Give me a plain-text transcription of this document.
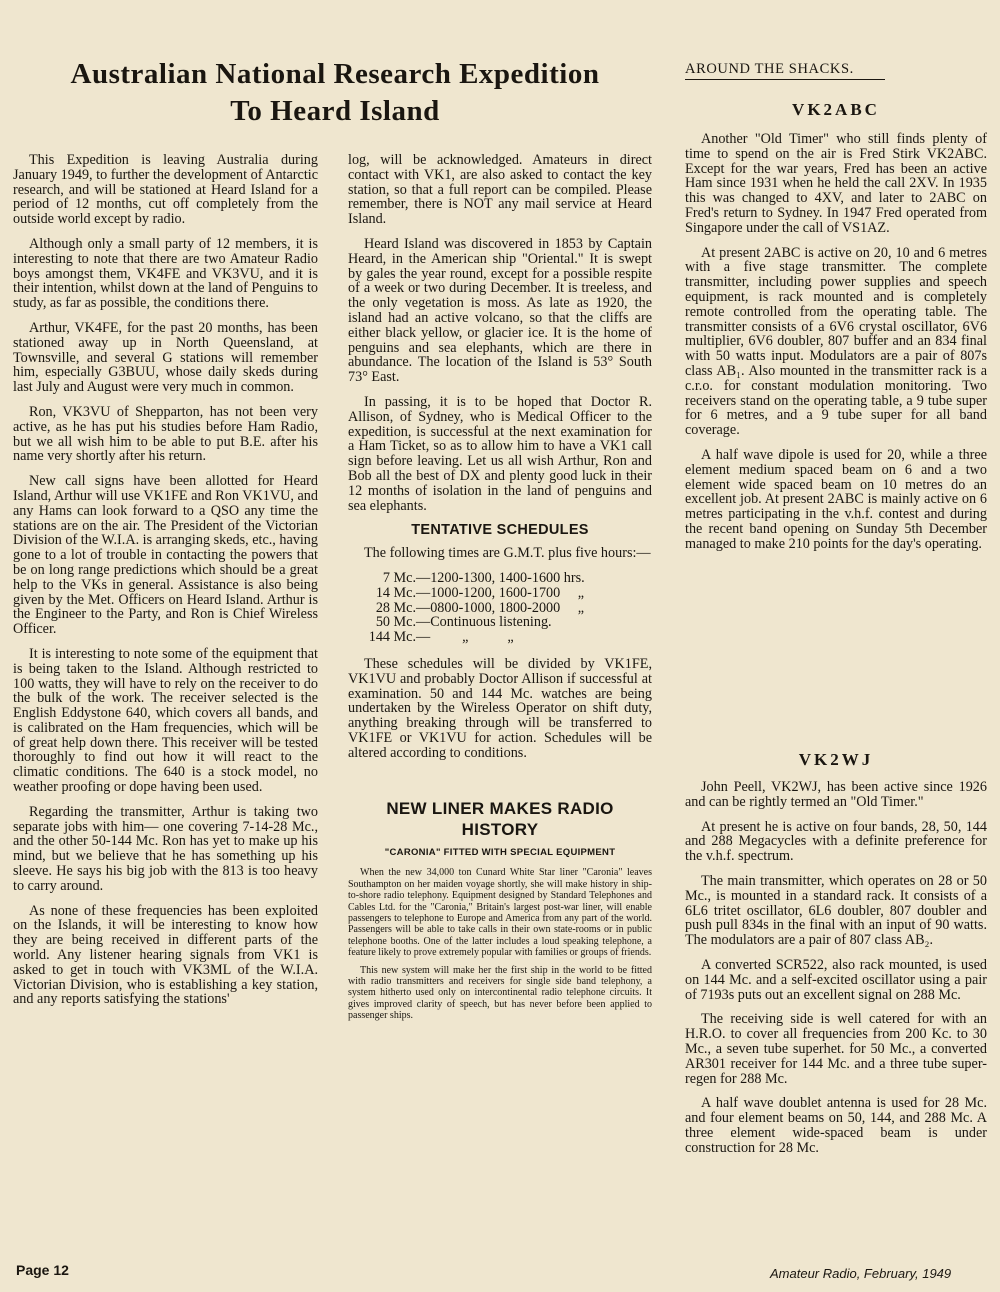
Australian National Research Expedition
To Heard Island

This Expedition is leaving Australia during January 1949, to further the development of Antarctic research, and will be stationed at Heard Island for a period of 12 months, cut off completely from the outside world except by radio.

Although only a small party of 12 members, it is interesting to note that there are two Amateur Radio boys amongst them, VK4FE and VK3VU, and it is their intention, whilst down at the land of Penguins to study, as far as possible, the conditions there.

Arthur, VK4FE, for the past 20 months, has been stationed away up in North Queensland, at Townsville, and several G stations will remember him, especially G3BUU, whose daily skeds during last July and August were very much in common.

Ron, VK3VU of Shepparton, has not been very active, as he has put his studies before Ham Radio, but we all wish him to be able to put B.E. after his name very shortly after his return.

New call signs have been allotted for Heard Island, Arthur will use VK1FE and Ron VK1VU, and any Hams can look forward to a QSO any time the stations are on the air. The President of the Victorian Division of the W.I.A. is arranging skeds, etc., having gone to a lot of trouble in contacting the powers that be on long range predictions which should be a great help to the VKs in general. Assistance is also being given by the Met. Officers on Heard Island. Arthur is the Engineer to the Party, and Ron is Chief Wireless Officer.

It is interesting to note some of the equipment that is being taken to the Island. Although restricted to 100 watts, they will have to rely on the receiver to do the bulk of the work. The receiver selected is the English Eddystone 640, which covers all bands, and is calibrated on the Ham frequencies, which will be of great help down there. This receiver will be tested thoroughly to find out how it will react to the climatic conditions. The 640 is a stock model, no weather proofing or dope having been used.

Regarding the transmitter, Arthur is taking two separate jobs with him— one covering 7-14-28 Mc., and the other 50-144 Mc. Ron has yet to make up his mind, but we believe that he has something up his sleeve. He says his big job with the 813 is too heavy to carry around.

As none of these frequencies has been exploited on the Islands, it will be interesting to know how they are being received in different parts of the world. Any listener hearing signals from VK1 is asked to get in touch with VK3ML of the W.I.A. Victorian Division, who is establishing a key station, and any reports satisfying the stations'

log, will be acknowledged. Amateurs in direct contact with VK1, are also asked to contact the key station, so that a full report can be compiled. Please remember, there is NOT any mail service at Heard Island.

Heard Island was discovered in 1853 by Captain Heard, in the American ship "Oriental." It is swept by gales the year round, except for a possible respite of a week or two during December. It is treeless, and the only vegetation is moss. As late as 1920, the island had an active volcano, so that the cliffs are either black yellow, or glacier ice. It is the home of penguins and sea elephants, which are there in abundance. The location of the Island is 53° South 73° East.

In passing, it is to be hoped that Doctor R. Allison, of Sydney, who is Medical Officer to the expedition, is successful at the next examination for a Ham Ticket, so as to allow him to have a VK1 call sign before leaving. Let us all wish Arthur, Ron and Bob all the best of DX and plenty good luck in their 12 months of isolation in the land of penguins and sea elephants.

TENTATIVE SCHEDULES

The following times are G.M.T. plus five hours:—

7 Mc.—1200-1300, 1400-1600 hrs.
14 Mc.—1000-1200, 1600-1700 „
28 Mc.—0800-1000, 1800-2000 „
50 Mc.—Continuous listening.
144 Mc.—         „           „

These schedules will be divided by VK1FE, VK1VU and probably Doctor Allison if successful at examination. 50 and 144 Mc. watches are being undertaken by the Wireless Operator on shift duty, anything breaking through will be transferred to VK1FE or VK1VU for action. Schedules will be altered according to conditions.

NEW LINER MAKES RADIO
HISTORY
"CARONIA" FITTED WITH SPECIAL EQUIPMENT

When the new 34,000 ton Cunard White Star liner "Caronia" leaves Southampton on her maiden voyage shortly, she will make history in ship-to-shore radio telephony. Equipment designed by Standard Telephones and Cables Ltd. for the "Caronia," Britain's largest post-war liner, will enable passengers to telephone to Europe and America from any part of the world. Passengers will be able to take calls in their own state-rooms or in public telephone booths. One of the latter includes a loud speaking telephone, a feature likely to prove extremely popular with families or groups of friends.

This new system will make her the first ship in the world to be fitted with radio transmitters and receivers for single side band telephony, a system hitherto used only on intercontinental radio telephone circuits. It gives improved clarity of speech, but has never before been applied to passenger ships.

AROUND THE SHACKS.
VK2ABC

Another "Old Timer" who still finds plenty of time to spend on the air is Fred Stirk VK2ABC. Except for the war years, Fred has been an active Ham since 1931 when he held the call 2XV. In 1935 this was changed to 4XV, and later to 2ABC on Fred's return to Sydney. In 1947 Fred operated from Singapore under the call of VS1AZ.

At present 2ABC is active on 20, 10 and 6 metres with a five stage transmitter. The complete transmitter, including power supplies and speech equipment, is rack mounted and is completely remote controlled from the operating table. The transmitter consists of a 6V6 crystal oscillator, 6V6 multiplier, 6V6 doubler, 807 buffer and an 834 final with 50 watts input. Modulators are a pair of 807s class AB₁. Also mounted in the transmitter rack is a c.r.o. for constant modulation monitoring. Two receivers stand on the operating table, a 9 tube super for 6 metres, and a 9 tube super for all band coverage.

A half wave dipole is used for 20, while a three element medium spaced beam on 6 and a two element wide spaced beam on 10 metres do an excellent job. At present 2ABC is mainly active on 6 metres participating in the v.h.f. contest and during the recent band opening on Sunday 5th December managed to make 210 points for the day's operating.

VK2WJ

John Peell, VK2WJ, has been active since 1926 and can be rightly termed an "Old Timer."

At present he is active on four bands, 28, 50, 144 and 288 Megacycles with a definite preference for the v.h.f. spectrum.

The main transmitter, which operates on 28 or 50 Mc., is mounted in a standard rack. It consists of a 6L6 tritet oscillator, 6L6 doubler, 807 doubler and push pull 834s in the final with an input of 90 watts. The modulators are a pair of 807 class AB₂.

A converted SCR522, also rack mounted, is used on 144 Mc. and a self-excited oscillator using a pair of 7193s puts out an excellent signal on 288 Mc.

The receiving side is well catered for with an H.R.O. to cover all frequencies from 200 Kc. to 30 Mc., a seven tube superhet. for 50 Mc., a converted AR301 receiver for 144 Mc. and a three tube super-regen for 288 Mc.

A half wave doublet antenna is used for 28 Mc. and four element beams on 50, 144, and 288 Mc. A three element wide-spaced beam is under construction for 28 Mc.

Page 12	Amateur Radio, February, 1949
